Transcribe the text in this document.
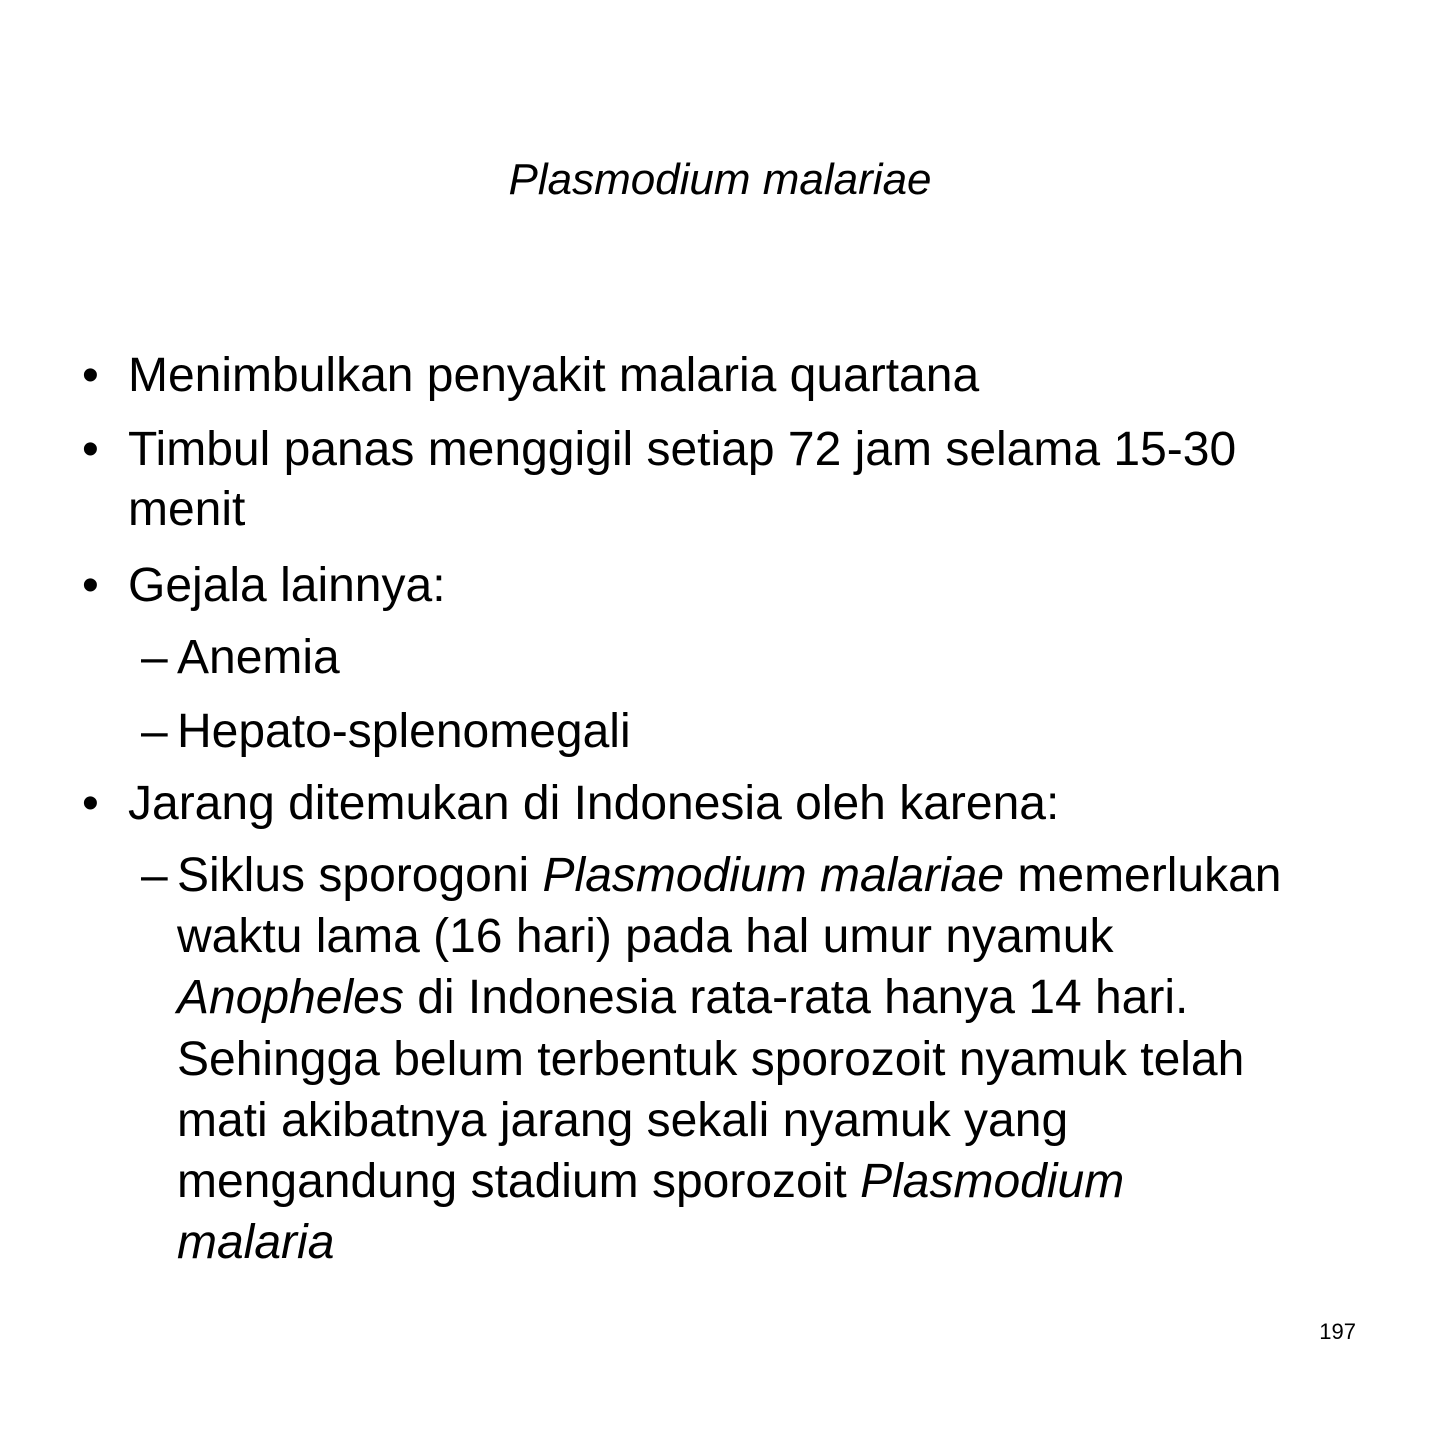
Plasmodium malariae
• Menimbulkan penyakit malaria quartana
• Timbul panas menggigil setiap 72 jam selama 15-30
menit
• Gejala lainnya:
– Anemia
– Hepato-splenomegali
• Jarang ditemukan di Indonesia oleh karena:
– Siklus sporogoni Plasmodium malariae memerlukan
waktu lama (16 hari) pada hal umur nyamuk
Anopheles di Indonesia rata-rata hanya 14 hari.
Sehingga belum terbentuk sporozoit nyamuk telah
mati akibatnya jarang sekali nyamuk yang
mengandung stadium sporozoit Plasmodium
malaria
197
